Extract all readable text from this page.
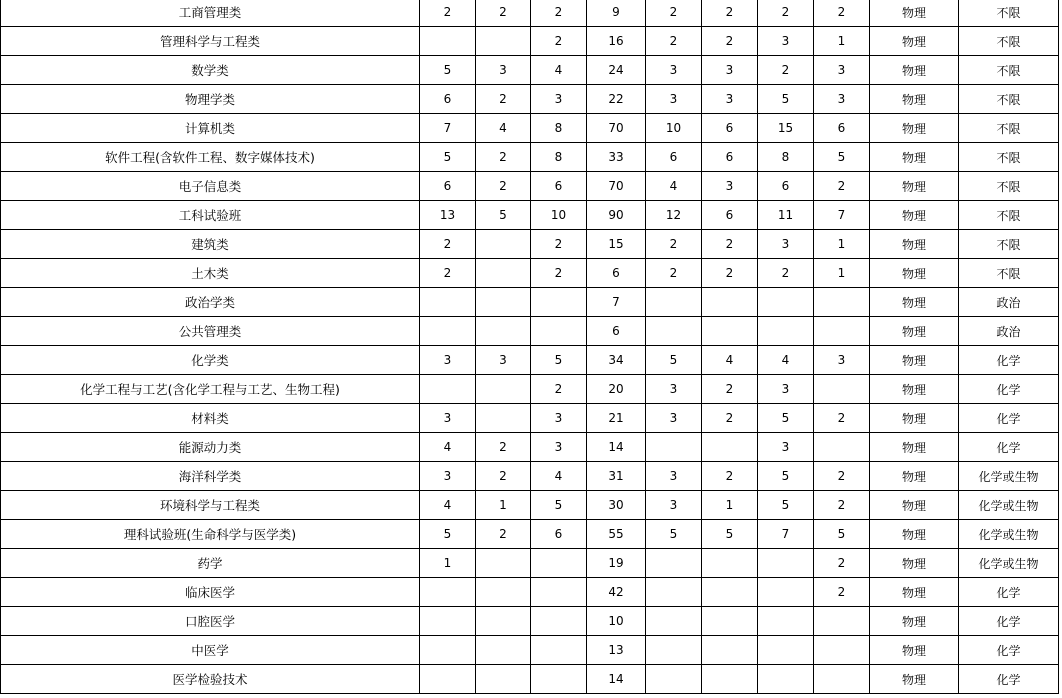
工商管理类	2	2	2	9	2	2	2	2	物理	不限
管理科学与工程类			2	16	2	2	3	1	物理	不限
数学类	5	3	4	24	3	3	2	3	物理	不限
物理学类	6	2	3	22	3	3	5	3	物理	不限
计算机类	7	4	8	70	10	6	15	6	物理	不限
软件工程(含软件工程、数字媒体技术)	5	2	8	33	6	6	8	5	物理	不限
电子信息类	6	2	6	70	4	3	6	2	物理	不限
工科试验班	13	5	10	90	12	6	11	7	物理	不限
建筑类	2		2	15	2	2	3	1	物理	不限
土木类	2		2	6	2	2	2	1	物理	不限
政治学类				7					物理	政治
公共管理类				6					物理	政治
化学类	3	3	5	34	5	4	4	3	物理	化学
化学工程与工艺(含化学工程与工艺、生物工程)			2	20	3	2	3		物理	化学
材料类	3		3	21	3	2	5	2	物理	化学
能源动力类	4	2	3	14			3		物理	化学
海洋科学类	3	2	4	31	3	2	5	2	物理	化学或生物
环境科学与工程类	4	1	5	30	3	1	5	2	物理	化学或生物
理科试验班(生命科学与医学类)	5	2	6	55	5	5	7	5	物理	化学或生物
药学	1			19				2	物理	化学或生物
临床医学				42				2	物理	化学
口腔医学				10					物理	化学
中医学				13					物理	化学
医学检验技术				14					物理	化学
